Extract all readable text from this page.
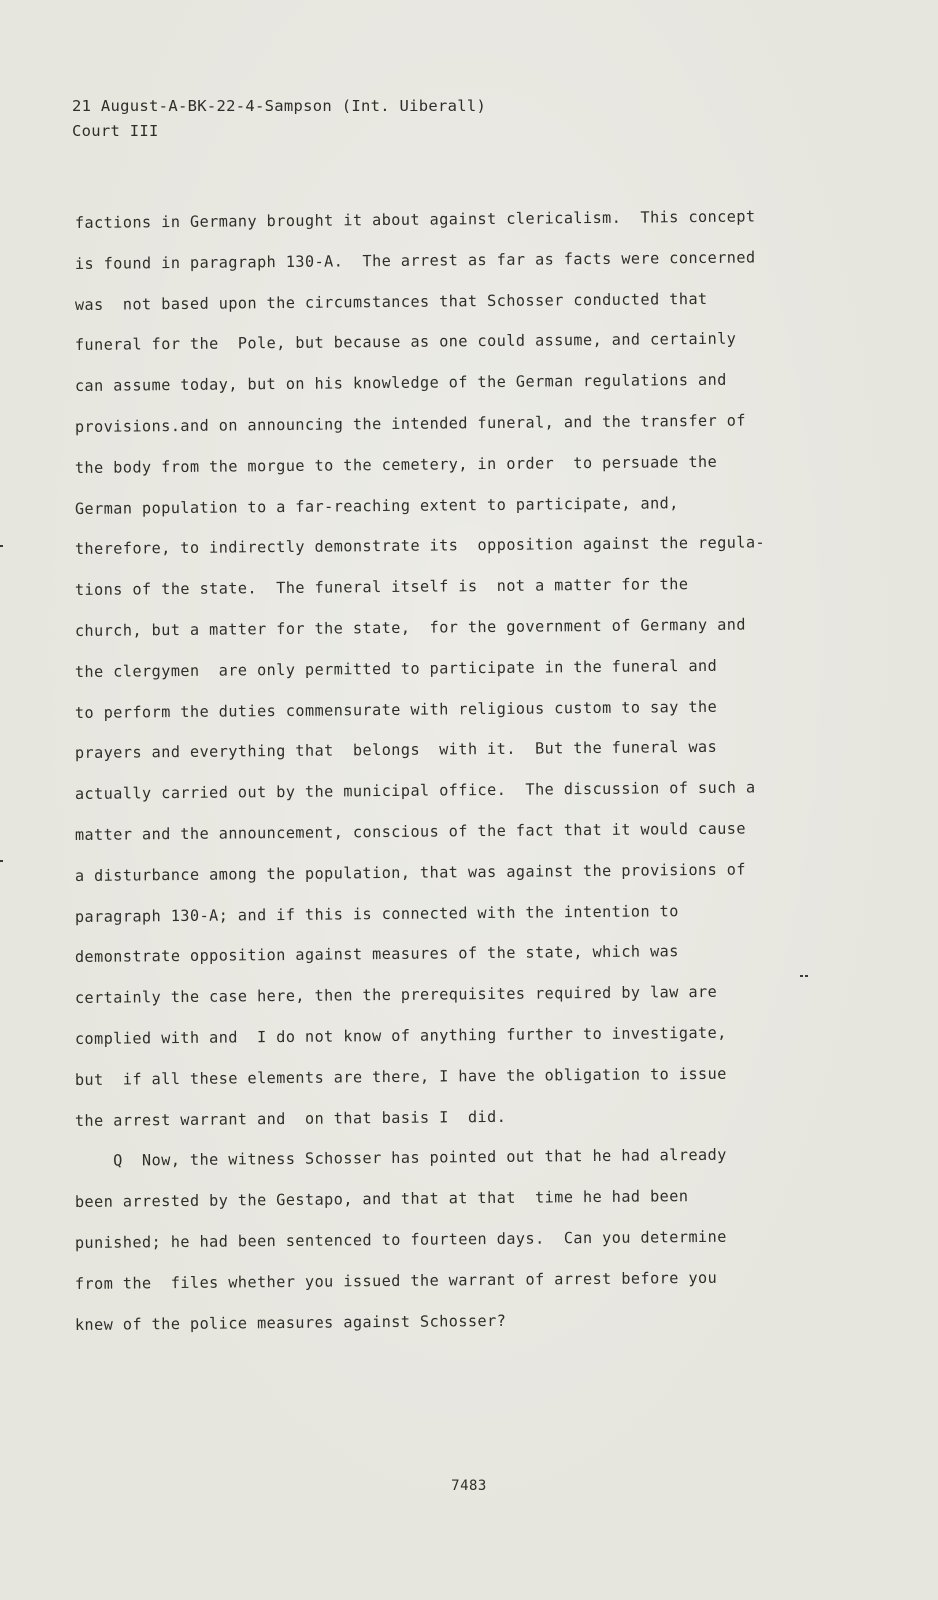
21 August-A-BK-22-4-Sampson (Int. Uiberall)
Court III
factions in Germany brought it about against clericalism.  This concept
is found in paragraph 130-A.  The arrest as far as facts were concerned
was  not based upon the circumstances that Schosser conducted that
funeral for the  Pole, but because as one could assume, and certainly
can assume today, but on his knowledge of the German regulations and
provisions.and on announcing the intended funeral, and the transfer of
the body from the morgue to the cemetery, in order  to persuade the
German population to a far-reaching extent to participate, and,
therefore, to indirectly demonstrate its  opposition against the regula-
tions of the state.  The funeral itself is  not a matter for the
church, but a matter for the state,  for the government of Germany and
the clergymen  are only permitted to participate in the funeral and
to perform the duties commensurate with religious custom to say the
prayers and everything that  belongs  with it.  But the funeral was
actually carried out by the municipal office.  The discussion of such a
matter and the announcement, conscious of the fact that it would cause
a disturbance among the population, that was against the provisions of
paragraph 130-A; and if this is connected with the intention to
demonstrate opposition against measures of the state, which was
certainly the case here, then the prerequisites required by law are
complied with and  I do not know of anything further to investigate,
but  if all these elements are there, I have the obligation to issue
the arrest warrant and  on that basis I  did.
Q  Now, the witness Schosser has pointed out that he had already
been arrested by the Gestapo, and that at that  time he had been
punished; he had been sentenced to fourteen days.  Can you determine
from the  files whether you issued the warrant of arrest before you
knew of the police measures against Schosser?
7483
